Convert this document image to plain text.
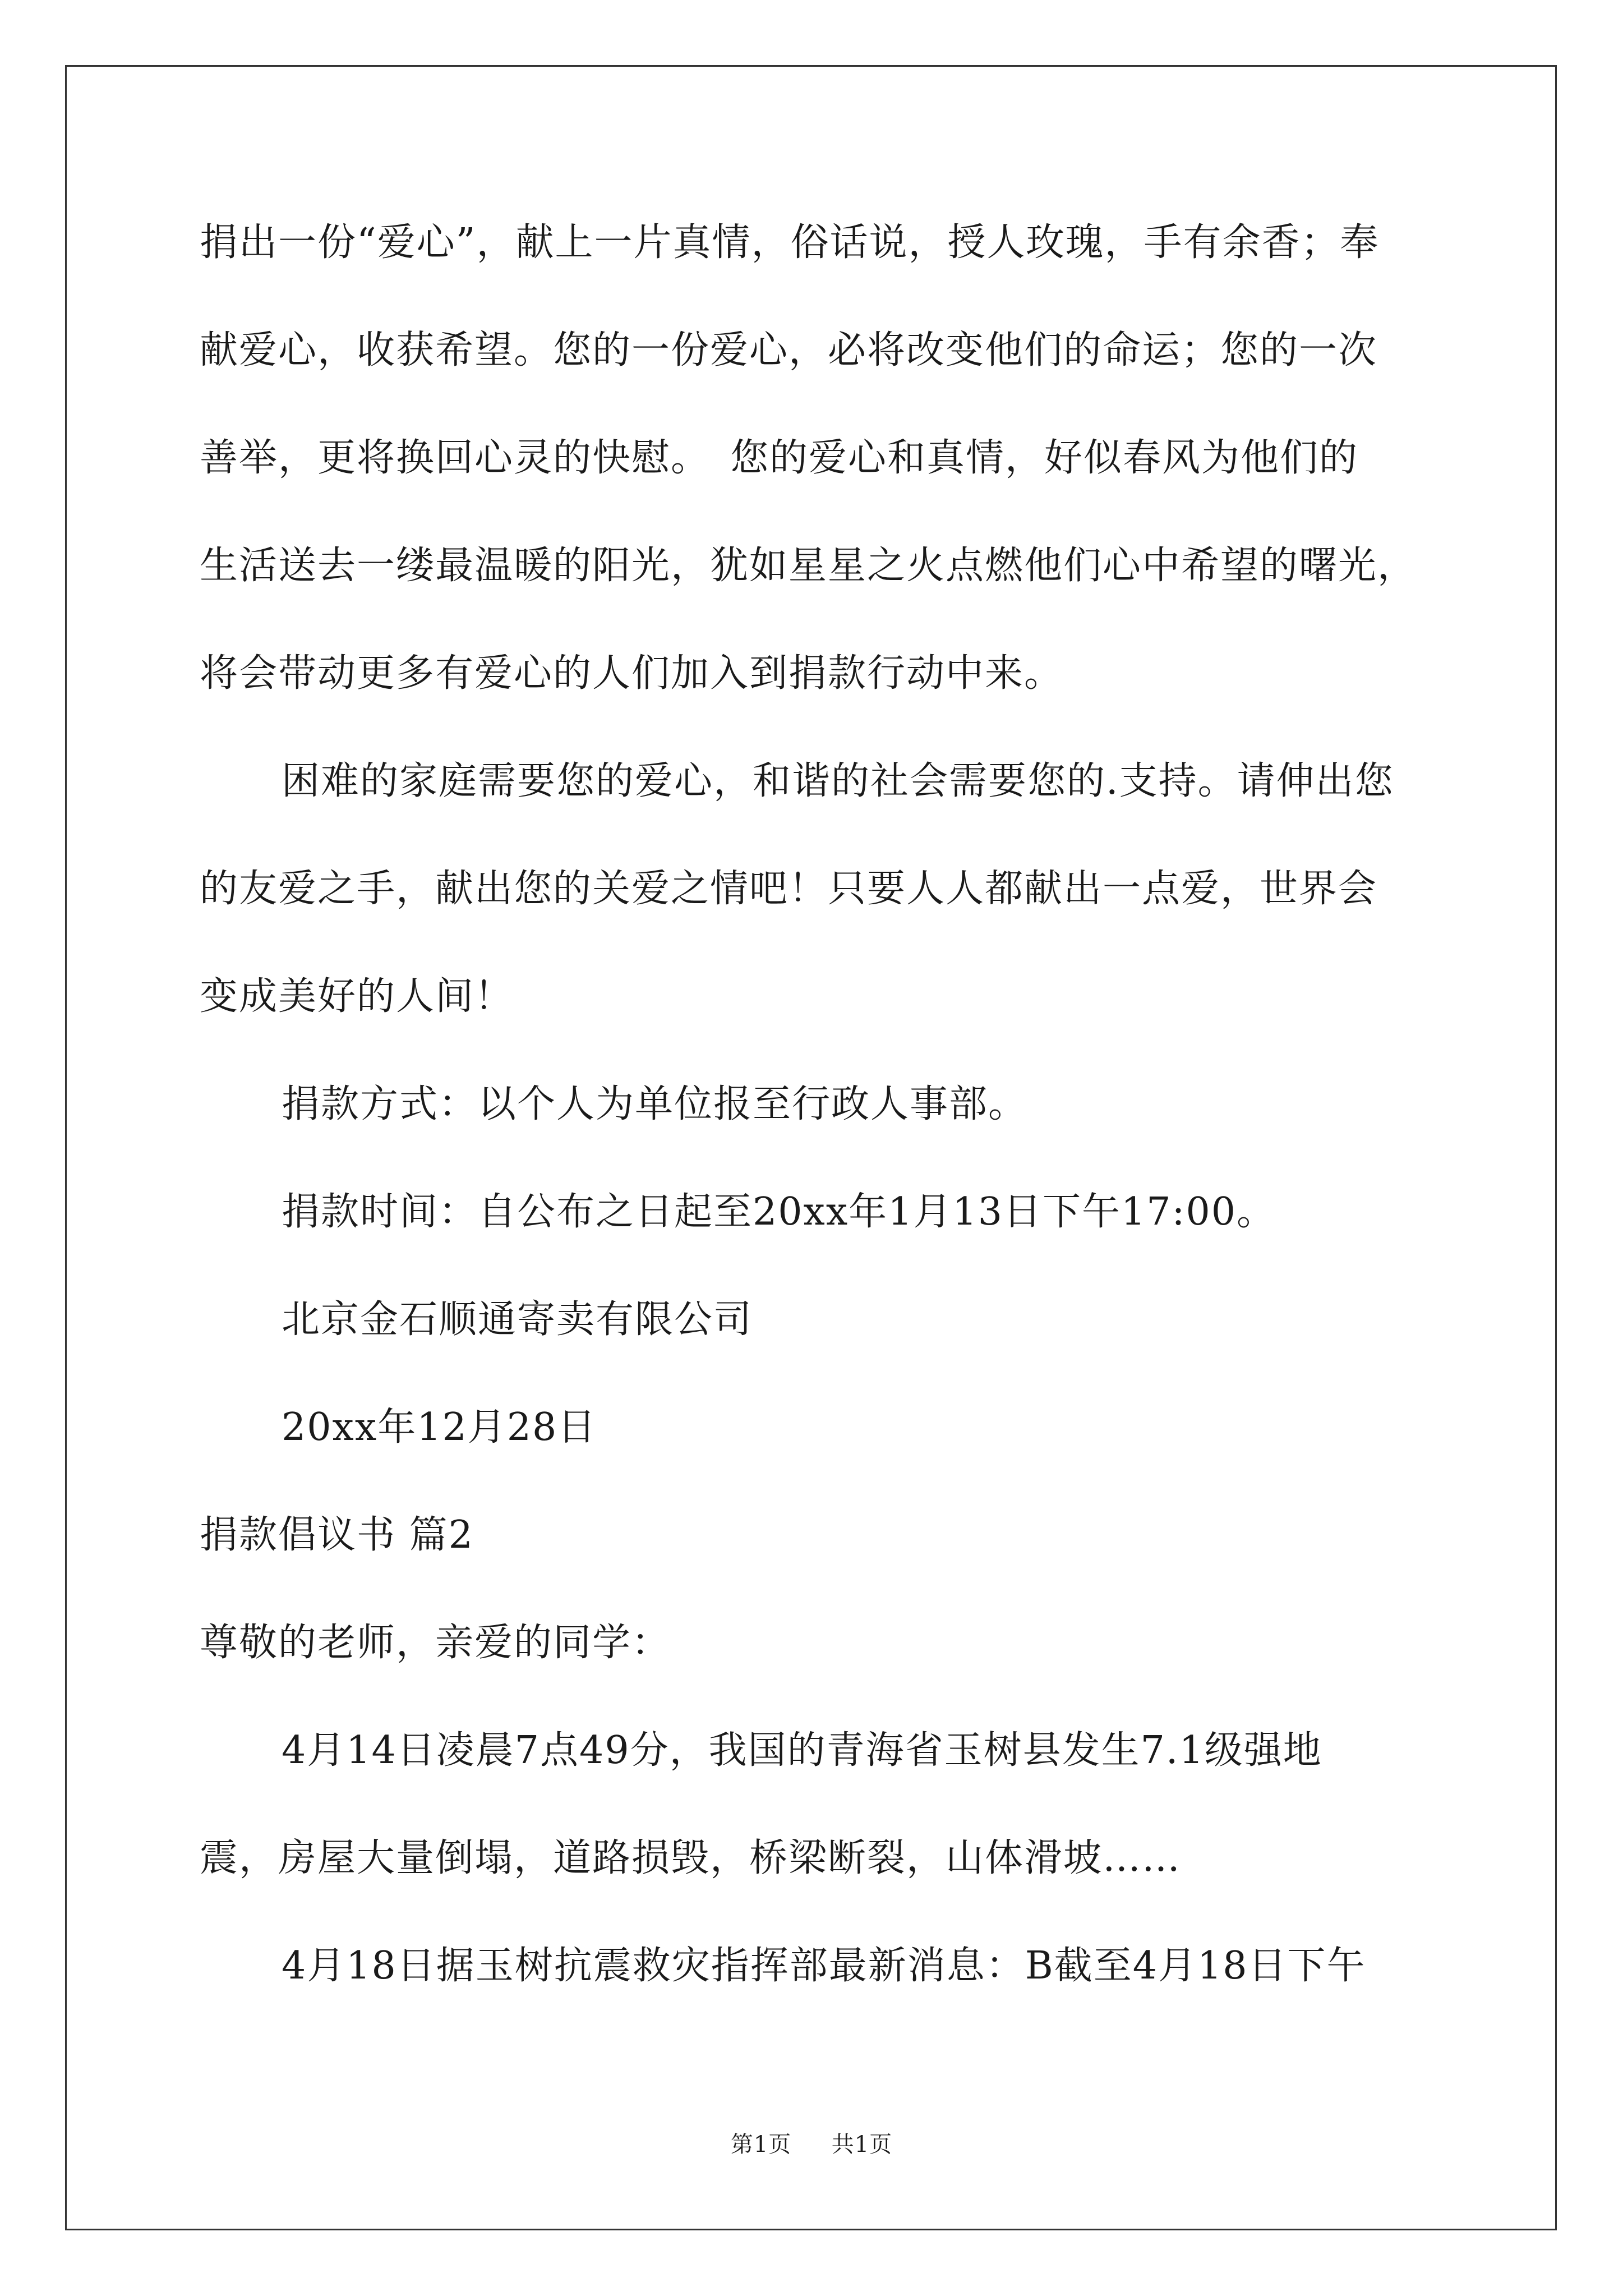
捐出一份“爱心”，献上一片真情，俗话说，授人玫瑰，手有余香；奉
献爱心，收获希望。您的一份爱心，必将改变他们的命运；您的一次
善举，更将换回心灵的快慰。　您的爱心和真情，好似春风为他们的
生活送去一缕最温暖的阳光，犹如星星之火点燃他们心中希望的曙光，
将会带动更多有爱心的人们加入到捐款行动中来。
困难的家庭需要您的爱心，和谐的社会需要您的.支持。请伸出您
的友爱之手，献出您的关爱之情吧！只要人人都献出一点爱，世界会
变成美好的人间！
捐款方式：以个人为单位报至行政人事部。
捐款时间：自公布之日起至20xx年1月13日下午17:00。
北京金石顺通寄卖有限公司
20xx年12月28日
捐款倡议书 篇2
尊敬的老师，亲爱的同学：
4月14日凌晨7点49分，我国的青海省玉树县发生7.1级强地
震，房屋大量倒塌，道路损毁，桥梁断裂，山体滑坡……
4月18日据玉树抗震救灾指挥部最新消息：B截至4月18日下午
第1页 共1页
